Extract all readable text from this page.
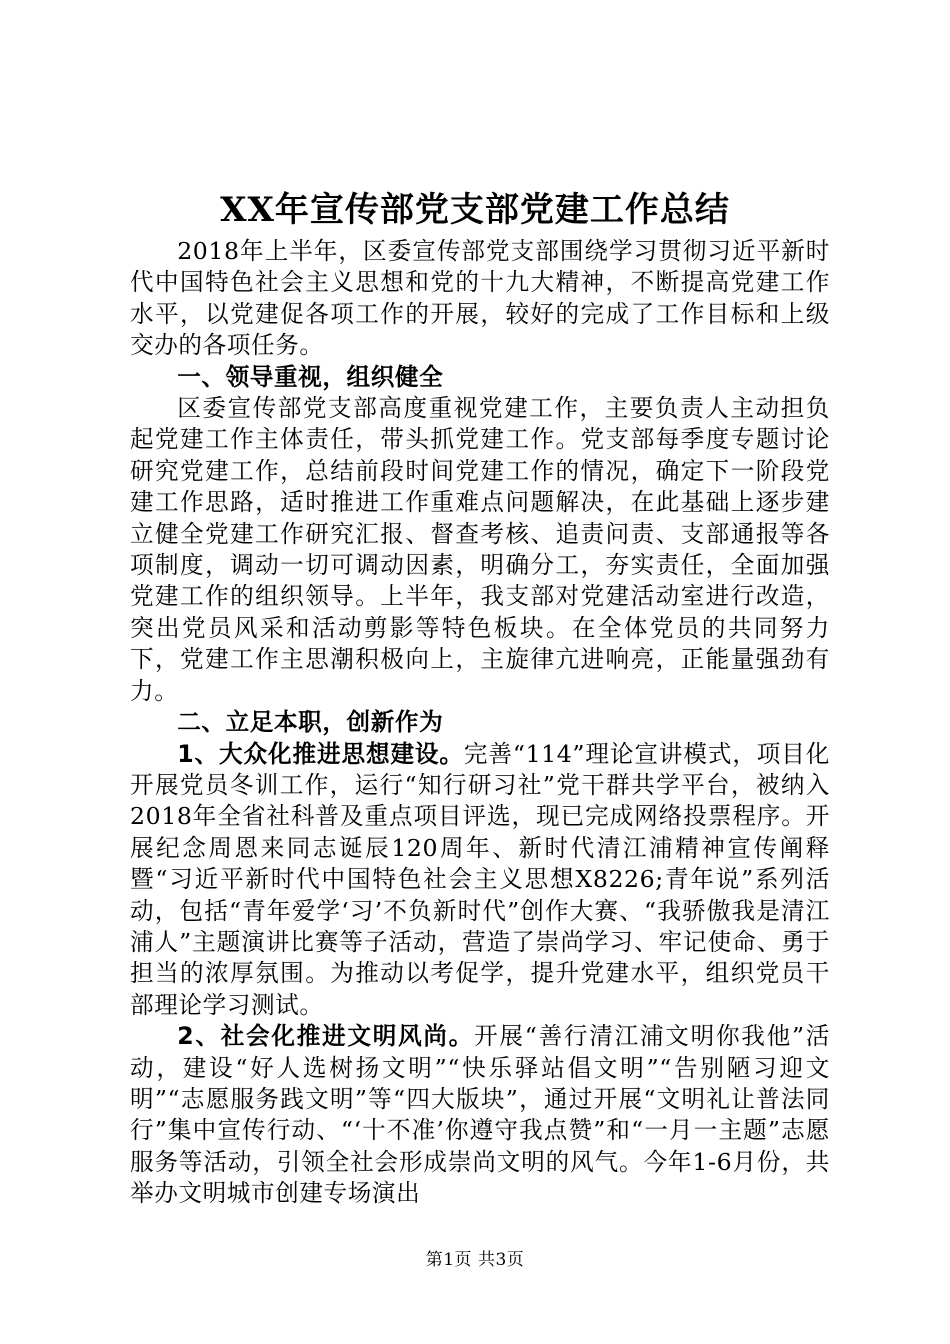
XX年宣传部党支部党建工作总结

2018年上半年，区委宣传部党支部围绕学习贯彻习近平新时代中国特色社会主义思想和党的十九大精神，不断提高党建工作水平，以党建促各项工作的开展，较好的完成了工作目标和上级交办的各项任务。

一、领导重视，组织健全

区委宣传部党支部高度重视党建工作，主要负责人主动担负起党建工作主体责任，带头抓党建工作。党支部每季度专题讨论研究党建工作，总结前段时间党建工作的情况，确定下一阶段党建工作思路，适时推进工作重难点问题解决，在此基础上逐步建立健全党建工作研究汇报、督查考核、追责问责、支部通报等各项制度，调动一切可调动因素，明确分工，夯实责任，全面加强党建工作的组织领导。上半年，我支部对党建活动室进行改造，突出党员风采和活动剪影等特色板块。在全体党员的共同努力下，党建工作主思潮积极向上，主旋律亢进响亮，正能量强劲有力。

二、立足本职，创新作为

1、大众化推进思想建设。完善“114”理论宣讲模式，项目化开展党员冬训工作，运行“知行研习社”党干群共学平台，被纳入2018年全省社科普及重点项目评选，现已完成网络投票程序。开展纪念周恩来同志诞辰120周年、新时代清江浦精神宣传阐释暨“习近平新时代中国特色社会主义思想X8226;青年说”系列活动，包括“青年爱学‘习’不负新时代”创作大赛、“我骄傲我是清江浦人”主题演讲比赛等子活动，营造了崇尚学习、牢记使命、勇于担当的浓厚氛围。为推动以考促学，提升党建水平，组织党员干部理论学习测试。

2、社会化推进文明风尚。开展“善行清江浦文明你我他”活动，建设“好人选树扬文明”“快乐驿站倡文明”“告别陋习迎文明”“志愿服务践文明”等“四大版块”，通过开展“文明礼让普法同行”集中宣传行动、“‘十不准’你遵守我点赞”和“一月一主题”志愿服务等活动，引领全社会形成崇尚文明的风气。今年1-6月份，共举办文明城市创建专场演出

第1页 共3页
